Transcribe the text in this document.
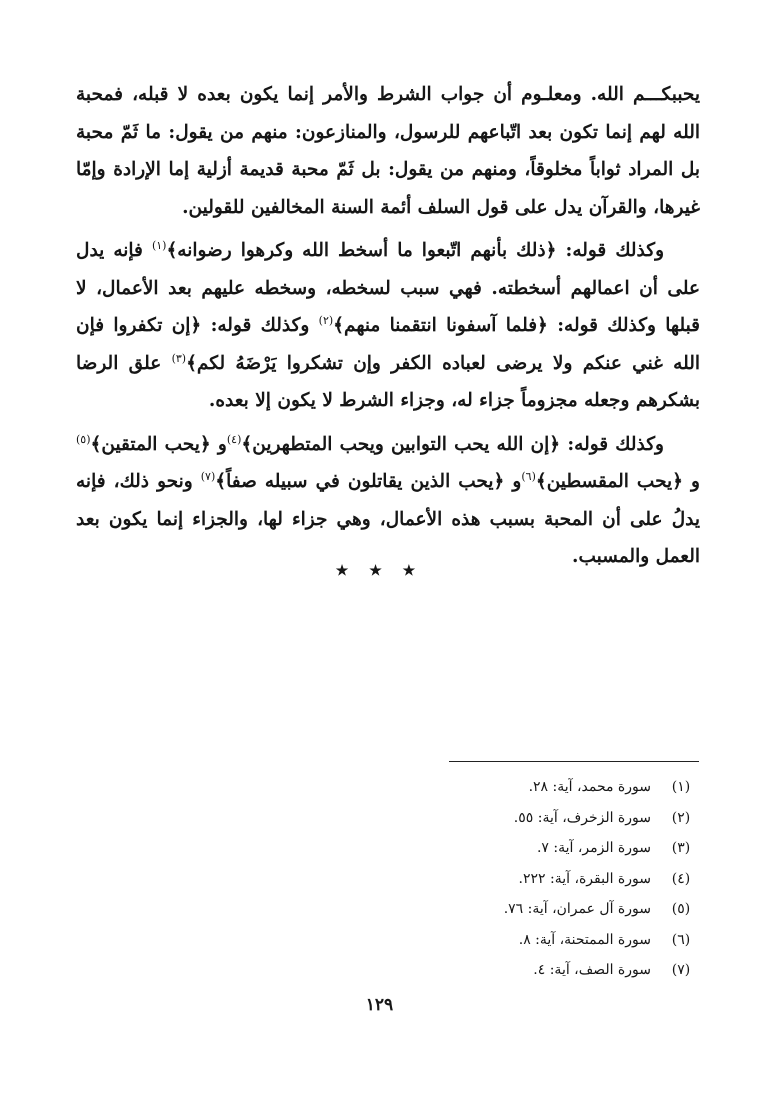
يحببكـــم الله. ومعلـوم أن جواب الشرط والأمر إنما يكون بعده لا قبله، فمحبة الله لهم إنما تكون بعد اتّباعهم للرسول، والمنازعون: منهم من يقول: ما ثَمّ محبة بل المراد ثواباً مخلوقاً، ومنهم من يقول: بل ثَمّ محبة قديمة أزلية إما الإرادة وإمّا غيرها، والقرآن يدل على قول السلف أئمة السنة المخالفين للقولين.

وكذلك قوله: ﴿ذلك بأنهم اتّبعوا ما أسخط الله وكرهوا رضوانه﴾$^{(١)}$ فإنه يدل على أن اعمالهم أسخطته. فهي سبب لسخطه، وسخطه عليهم بعد الأعمال، لا قبلها وكذلك قوله: ﴿فلما آسفونا انتقمنا منهم﴾$^{(٢)}$ وكذلك قوله: ﴿إن تكفروا فإن الله غني عنكم ولا يرضى لعباده الكفر وإن تشكروا يَرْضَهُ لكم﴾$^{(٣)}$ علق الرضا بشكرهم وجعله مجزوماً جزاء له، وجزاء الشرط لا يكون إلا بعده.

وكذلك قوله: ﴿إن الله يحب التوابين ويحب المتطهرين﴾$^{(٤)}$و ﴿يحب المتقين﴾$^{(٥)}$ و ﴿يحب المقسطين﴾$^{(٦)}$و ﴿يحب الذين يقاتلون في سبيله صفاً﴾$^{(٧)}$ ونحو ذلك، فإنه يدلُ على أن المحبة بسبب هذه الأعمال، وهي جزاء لها، والجزاء إنما يكون بعد العمل والمسبب.

★ ★ ★
(١)
سورة محمد، آية: ٢٨.
(٢)
سورة الزخرف، آية: ٥٥.
(٣)
سورة الزمر، آية: ٧.
(٤)
سورة البقرة، آية: ٢٢٢.
(٥)
سورة آل عمران، آية: ٧٦.
(٦)
سورة الممتحنة، آية: ٨.
(٧)
سورة الصف، آية: ٤.
١٢٩
